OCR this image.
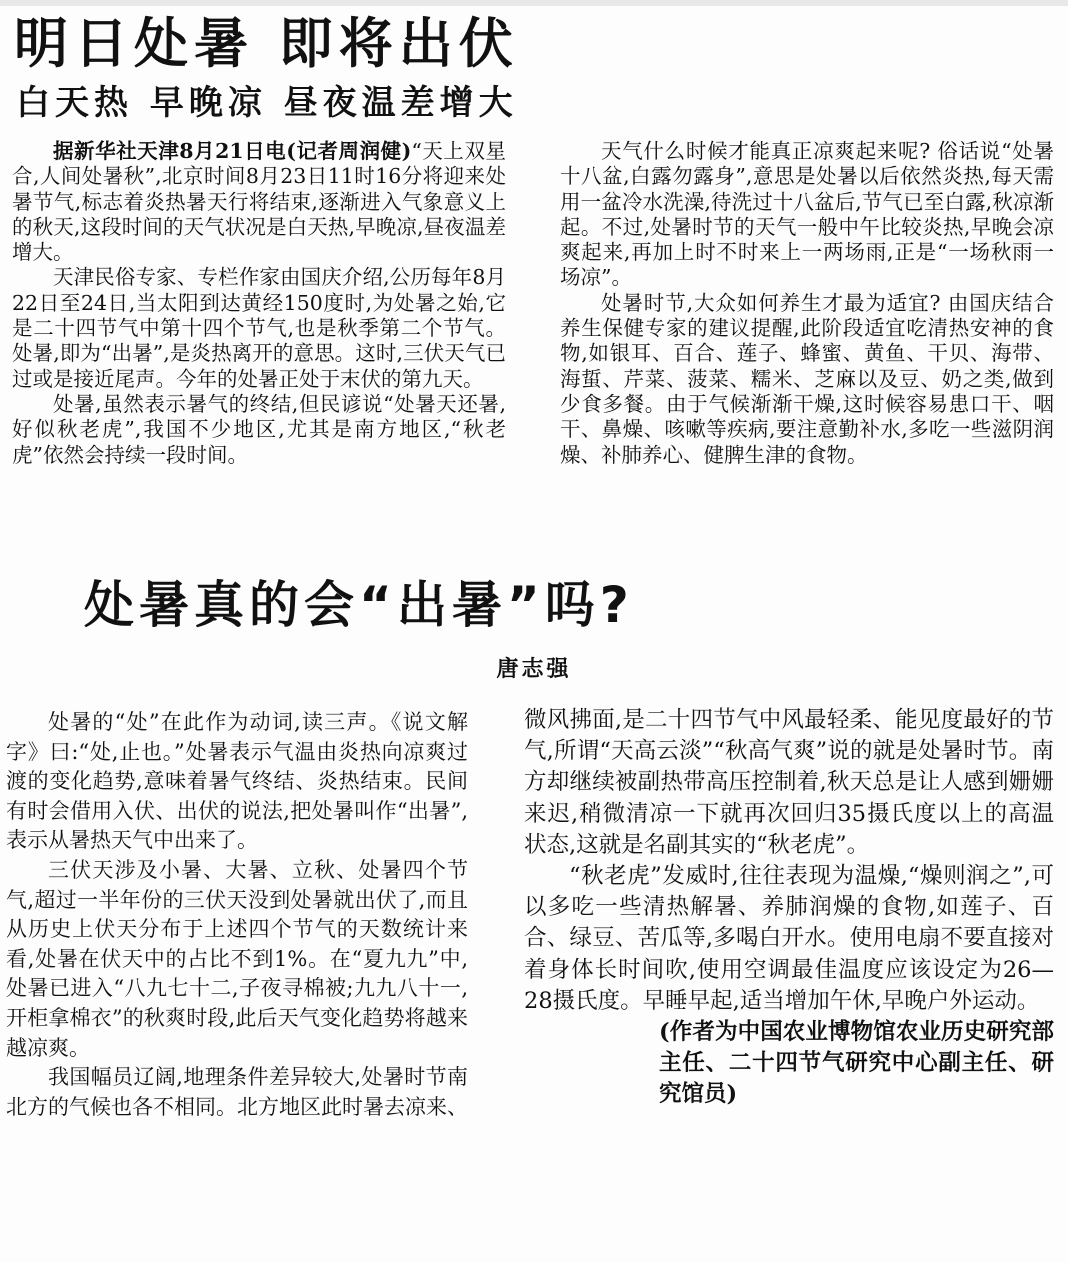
明日处暑 即将出伏
白天热 早晚凉 昼夜温差增大

据新华社天津8月21日电(记者周润健)“天上双星合,人间处暑秋”,北京时间8月23日11时16分将迎来处暑节气,标志着炎热暑天行将结束,逐渐进入气象意义上的秋天,这段时间的天气状况是白天热,早晚凉,昼夜温差增大。

天津民俗专家、专栏作家由国庆介绍,公历每年8月22日至24日,当太阳到达黄经150度时,为处暑之始,它是二十四节气中第十四个节气,也是秋季第二个节气。处暑,即为“出暑”,是炎热离开的意思。这时,三伏天气已过或是接近尾声。今年的处暑正处于末伏的第九天。

处暑,虽然表示暑气的终结,但民谚说“处暑天还暑,好似秋老虎”,我国不少地区,尤其是南方地区,“秋老虎”依然会持续一段时间。

天气什么时候才能真正凉爽起来呢? 俗话说“处暑十八盆,白露勿露身”,意思是处暑以后依然炎热,每天需用一盆冷水洗澡,待洗过十八盆后,节气已至白露,秋凉渐起。不过,处暑时节的天气一般中午比较炎热,早晚会凉爽起来,再加上时不时来上一两场雨,正是“一场秋雨一场凉”。

处暑时节,大众如何养生才最为适宜? 由国庆结合养生保健专家的建议提醒,此阶段适宜吃清热安神的食物,如银耳、百合、莲子、蜂蜜、黄鱼、干贝、海带、海蜇、芹菜、菠菜、糯米、芝麻以及豆、奶之类,做到少食多餐。由于气候渐渐干燥,这时候容易患口干、咽干、鼻燥、咳嗽等疾病,要注意勤补水,多吃一些滋阴润燥、补肺养心、健脾生津的食物。

处暑真的会“出暑”吗?
唐志强

处暑的“处”在此作为动词,读三声。《说文解字》曰:“处,止也。”处暑表示气温由炎热向凉爽过渡的变化趋势,意味着暑气终结、炎热结束。民间有时会借用入伏、出伏的说法,把处暑叫作“出暑”,表示从暑热天气中出来了。

三伏天涉及小暑、大暑、立秋、处暑四个节气,超过一半年份的三伏天没到处暑就出伏了,而且从历史上伏天分布于上述四个节气的天数统计来看,处暑在伏天中的占比不到1%。在“夏九九”中,处暑已进入“八九七十二,子夜寻棉被;九九八十一,开柜拿棉衣”的秋爽时段,此后天气变化趋势将越来越凉爽。

我国幅员辽阔,地理条件差异较大,处暑时节南北方的气候也各不相同。北方地区此时暑去凉来、

微风拂面,是二十四节气中风最轻柔、能见度最好的节气,所谓“天高云淡”“秋高气爽”说的就是处暑时节。南方却继续被副热带高压控制着,秋天总是让人感到姗姗来迟,稍微清凉一下就再次回归35摄氏度以上的高温状态,这就是名副其实的“秋老虎”。

“秋老虎”发威时,往往表现为温燥,“燥则润之”,可以多吃一些清热解暑、养肺润燥的食物,如莲子、百合、绿豆、苦瓜等,多喝白开水。使用电扇不要直接对着身体长时间吹,使用空调最佳温度应该设定为26—28摄氏度。早睡早起,适当增加午休,早晚户外运动。

(作者为中国农业博物馆农业历史研究部主任、二十四节气研究中心副主任、研究馆员)
